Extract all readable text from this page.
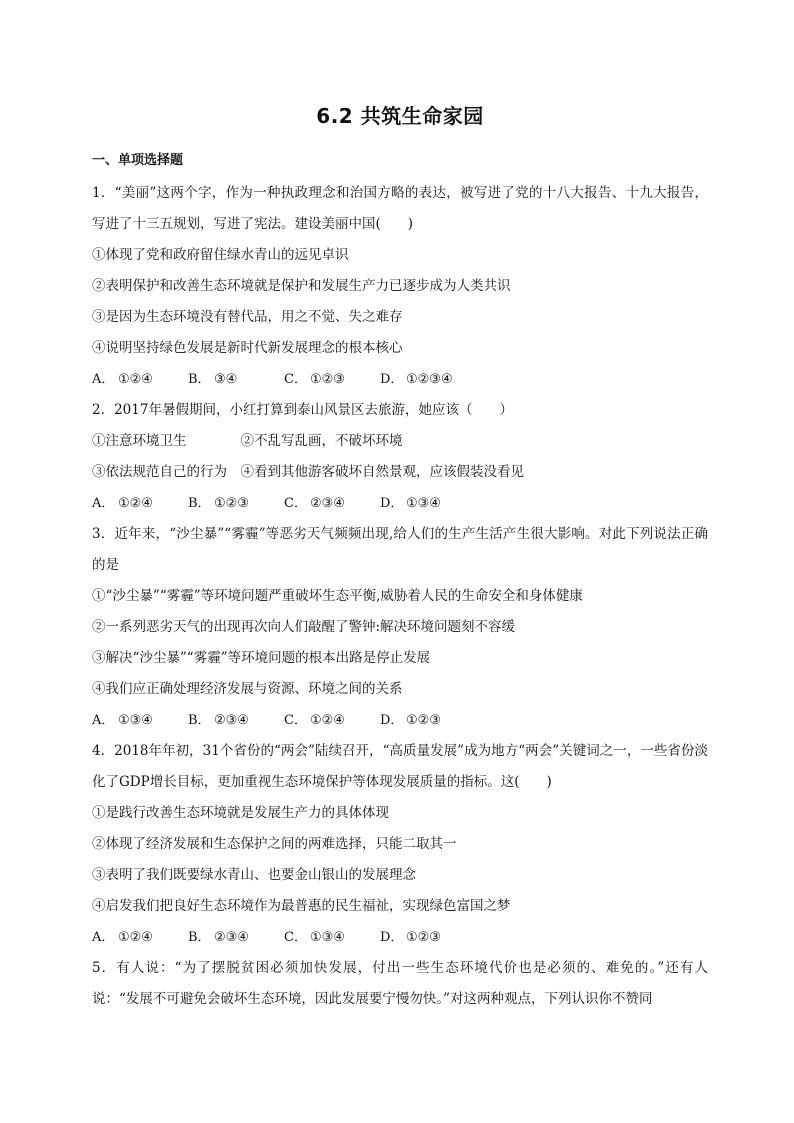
6.2 共筑生命家园
一、单项选择题
1．“美丽”这两个字，作为一种执政理念和治国方略的表达，被写进了党的十八大报告、十九大报告，写进了十三五规划，写进了宪法。建设美丽中国(　　)
①体现了党和政府留住绿水青山的远见卓识
②表明保护和改善生态环境就是保护和发展生产力已逐步成为人类共识
③是因为生态环境没有替代品，用之不觉、失之难存
④说明坚持绿色发展是新时代新发展理念的根本核心
A． ①②④	B． ③④	C． ①②③	D． ①②③④
2．2017年暑假期间，小红打算到泰山风景区去旅游，她应该（　　）
①注意环境卫生　　　　②不乱写乱画，不破坏环境
③依法规范自己的行为　④看到其他游客破坏自然景观，应该假装没看见
A． ①②④	B． ①②③	C． ②③④	D． ①③④
3．近年来，“沙尘暴”“雾霾”等恶劣天气频频出现,给人们的生产生活产生很大影响。对此下列说法正确的是
①“沙尘暴”“雾霾”等环境问题严重破坏生态平衡,威胁着人民的生命安全和身体健康
②一系列恶劣天气的出现再次向人们敲醒了警钟:解决环境问题刻不容缓
③解决“沙尘暴”“雾霾”等环境问题的根本出路是停止发展
④我们应正确处理经济发展与资源、环境之间的关系
A． ①③④	B． ②③④	C． ①②④	D． ①②③
4．2018年年初，31个省份的“两会”陆续召开，“高质量发展”成为地方“两会”关键词之一，一些省份淡化了GDP增长目标，更加重视生态环境保护等体现发展质量的指标。这(　　)
①是践行改善生态环境就是发展生产力的具体体现
②体现了经济发展和生态保护之间的两难选择，只能二取其一
③表明了我们既要绿水青山、也要金山银山的发展理念
④启发我们把良好生态环境作为最普惠的民生福祉，实现绿色富国之梦
A． ①②④	B． ②③④	C． ①③④	D． ①②③
5．有人说：“为了摆脱贫困必须加快发展，付出一些生态环境代价也是必须的、难免的。”还有人说：“发展不可避免会破坏生态环境，因此发展要宁慢勿快。”对这两种观点，下列认识你不赞同
